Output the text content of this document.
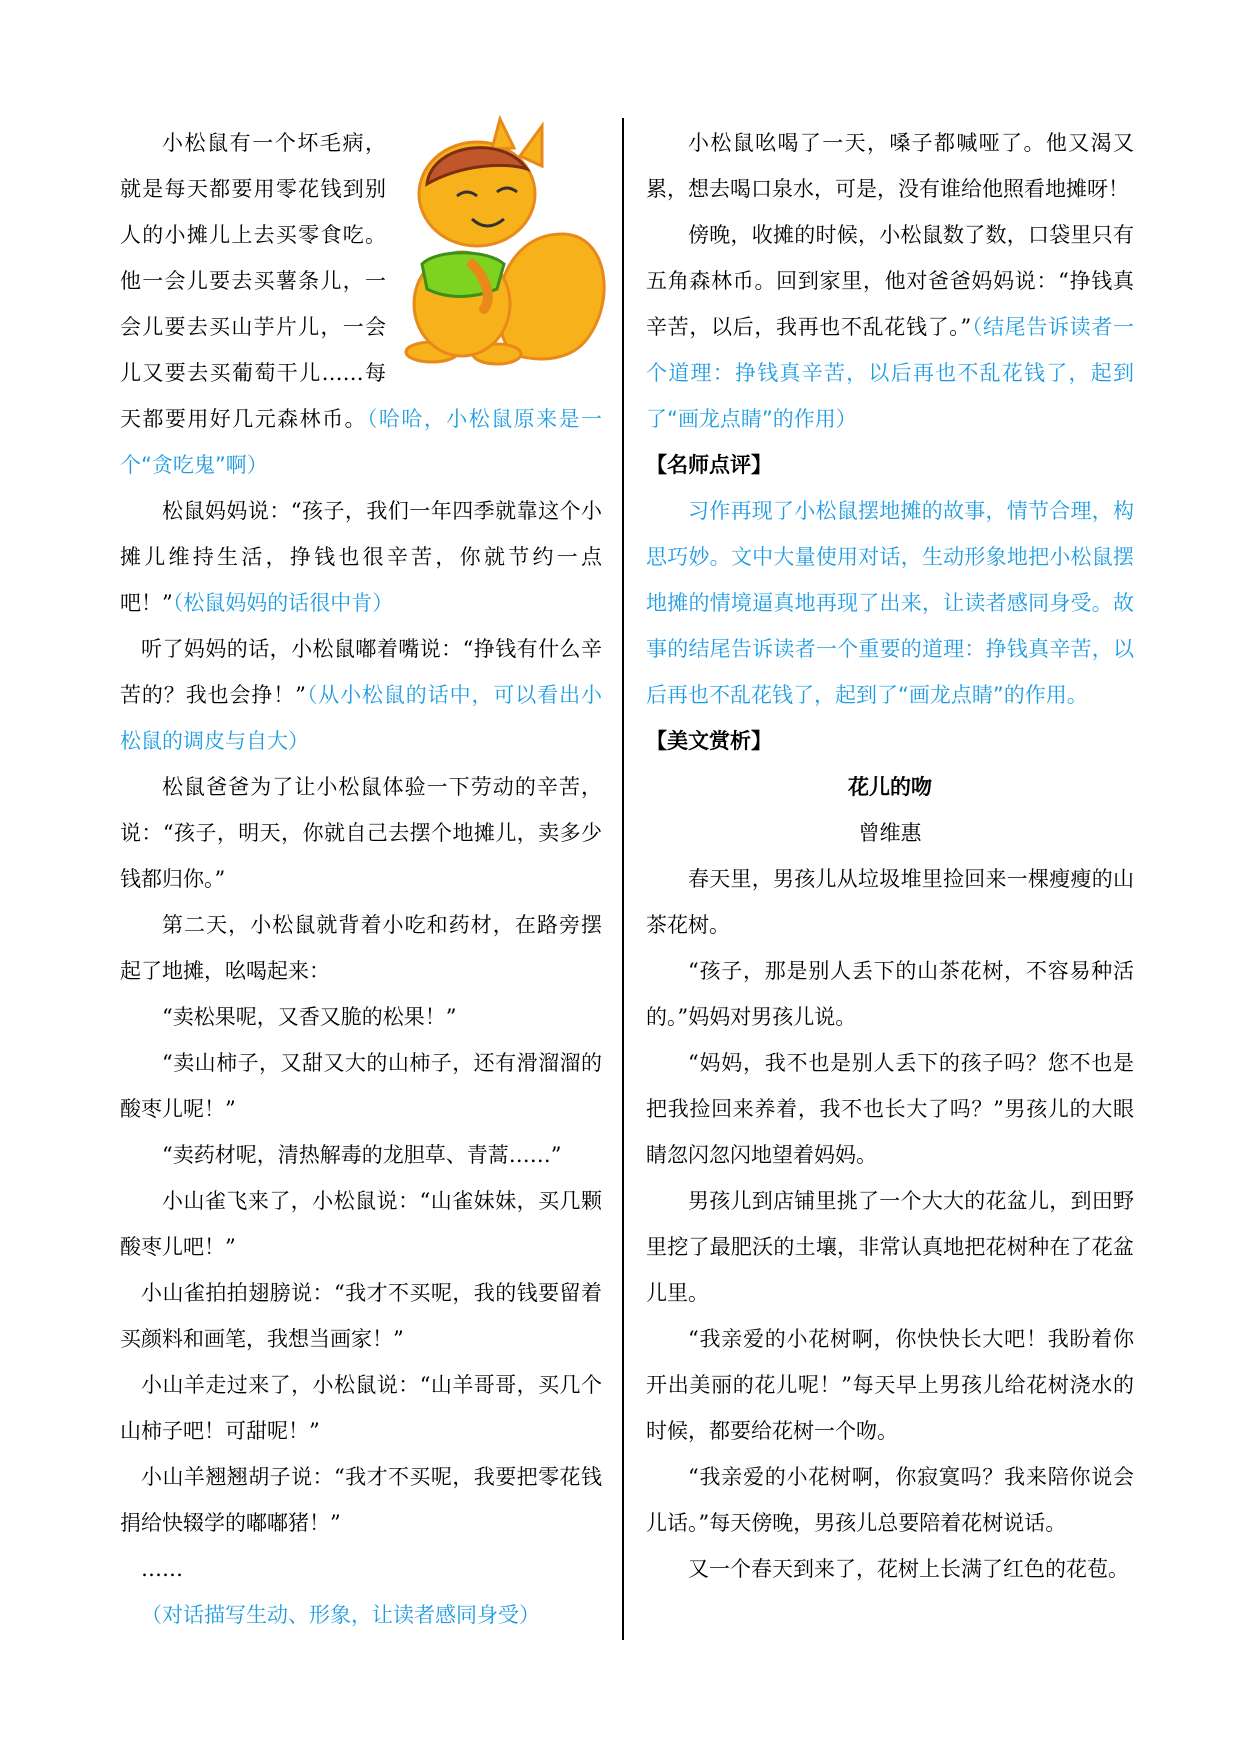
小松鼠有一个坏毛病，就是每天都要用零花钱到别人的小摊儿上去买零食吃。他一会儿要去买薯条儿，一会儿要去买山芋片儿，一会儿又要去买葡萄干儿……每天都要用好几元森林币。（哈哈，小松鼠原来是一个“贪吃鬼”啊）

松鼠妈妈说：“孩子，我们一年四季就靠这个小摊儿维持生活，挣钱也很辛苦，你就节约一点吧！”（松鼠妈妈的话很中肯）

听了妈妈的话，小松鼠嘟着嘴说：“挣钱有什么辛苦的？我也会挣！”（从小松鼠的话中，可以看出小松鼠的调皮与自大）

松鼠爸爸为了让小松鼠体验一下劳动的辛苦，说：“孩子，明天，你就自己去摆个地摊儿，卖多少钱都归你。”

第二天，小松鼠就背着小吃和药材，在路旁摆起了地摊，吆喝起来：

“卖松果呢，又香又脆的松果！”

“卖山柿子，又甜又大的山柿子，还有滑溜溜的酸枣儿呢！”

“卖药材呢，清热解毒的龙胆草、青蒿……”

小山雀飞来了，小松鼠说：“山雀妹妹，买几颗酸枣儿吧！”

小山雀拍拍翅膀说：“我才不买呢，我的钱要留着买颜料和画笔，我想当画家！”

小山羊走过来了，小松鼠说：“山羊哥哥，买几个山柿子吧！可甜呢！”

小山羊翘翘胡子说：“我才不买呢，我要把零花钱捐给快辍学的嘟嘟猪！”

……

（对话描写生动、形象，让读者感同身受）

小松鼠吆喝了一天，嗓子都喊哑了。他又渴又累，想去喝口泉水，可是，没有谁给他照看地摊呀！

傍晚，收摊的时候，小松鼠数了数，口袋里只有五角森林币。回到家里，他对爸爸妈妈说：“挣钱真辛苦，以后，我再也不乱花钱了。”（结尾告诉读者一个道理：挣钱真辛苦，以后再也不乱花钱了，起到了“画龙点睛”的作用）

【名师点评】

习作再现了小松鼠摆地摊的故事，情节合理，构思巧妙。文中大量使用对话，生动形象地把小松鼠摆地摊的情境逼真地再现了出来，让读者感同身受。故事的结尾告诉读者一个重要的道理：挣钱真辛苦，以后再也不乱花钱了，起到了“画龙点睛”的作用。

【美文赏析】

花儿的吻

曾维惠

春天里，男孩儿从垃圾堆里捡回来一棵瘦瘦的山茶花树。

“孩子，那是别人丢下的山茶花树，不容易种活的。”妈妈对男孩儿说。

“妈妈，我不也是别人丢下的孩子吗？您不也是把我捡回来养着，我不也长大了吗？”男孩儿的大眼睛忽闪忽闪地望着妈妈。

男孩儿到店铺里挑了一个大大的花盆儿，到田野里挖了最肥沃的土壤，非常认真地把花树种在了花盆儿里。

“我亲爱的小花树啊，你快快长大吧！我盼着你开出美丽的花儿呢！”每天早上男孩儿给花树浇水的时候，都要给花树一个吻。

“我亲爱的小花树啊，你寂寞吗？我来陪你说会儿话。”每天傍晚，男孩儿总要陪着花树说话。

又一个春天到来了，花树上长满了红色的花苞。
